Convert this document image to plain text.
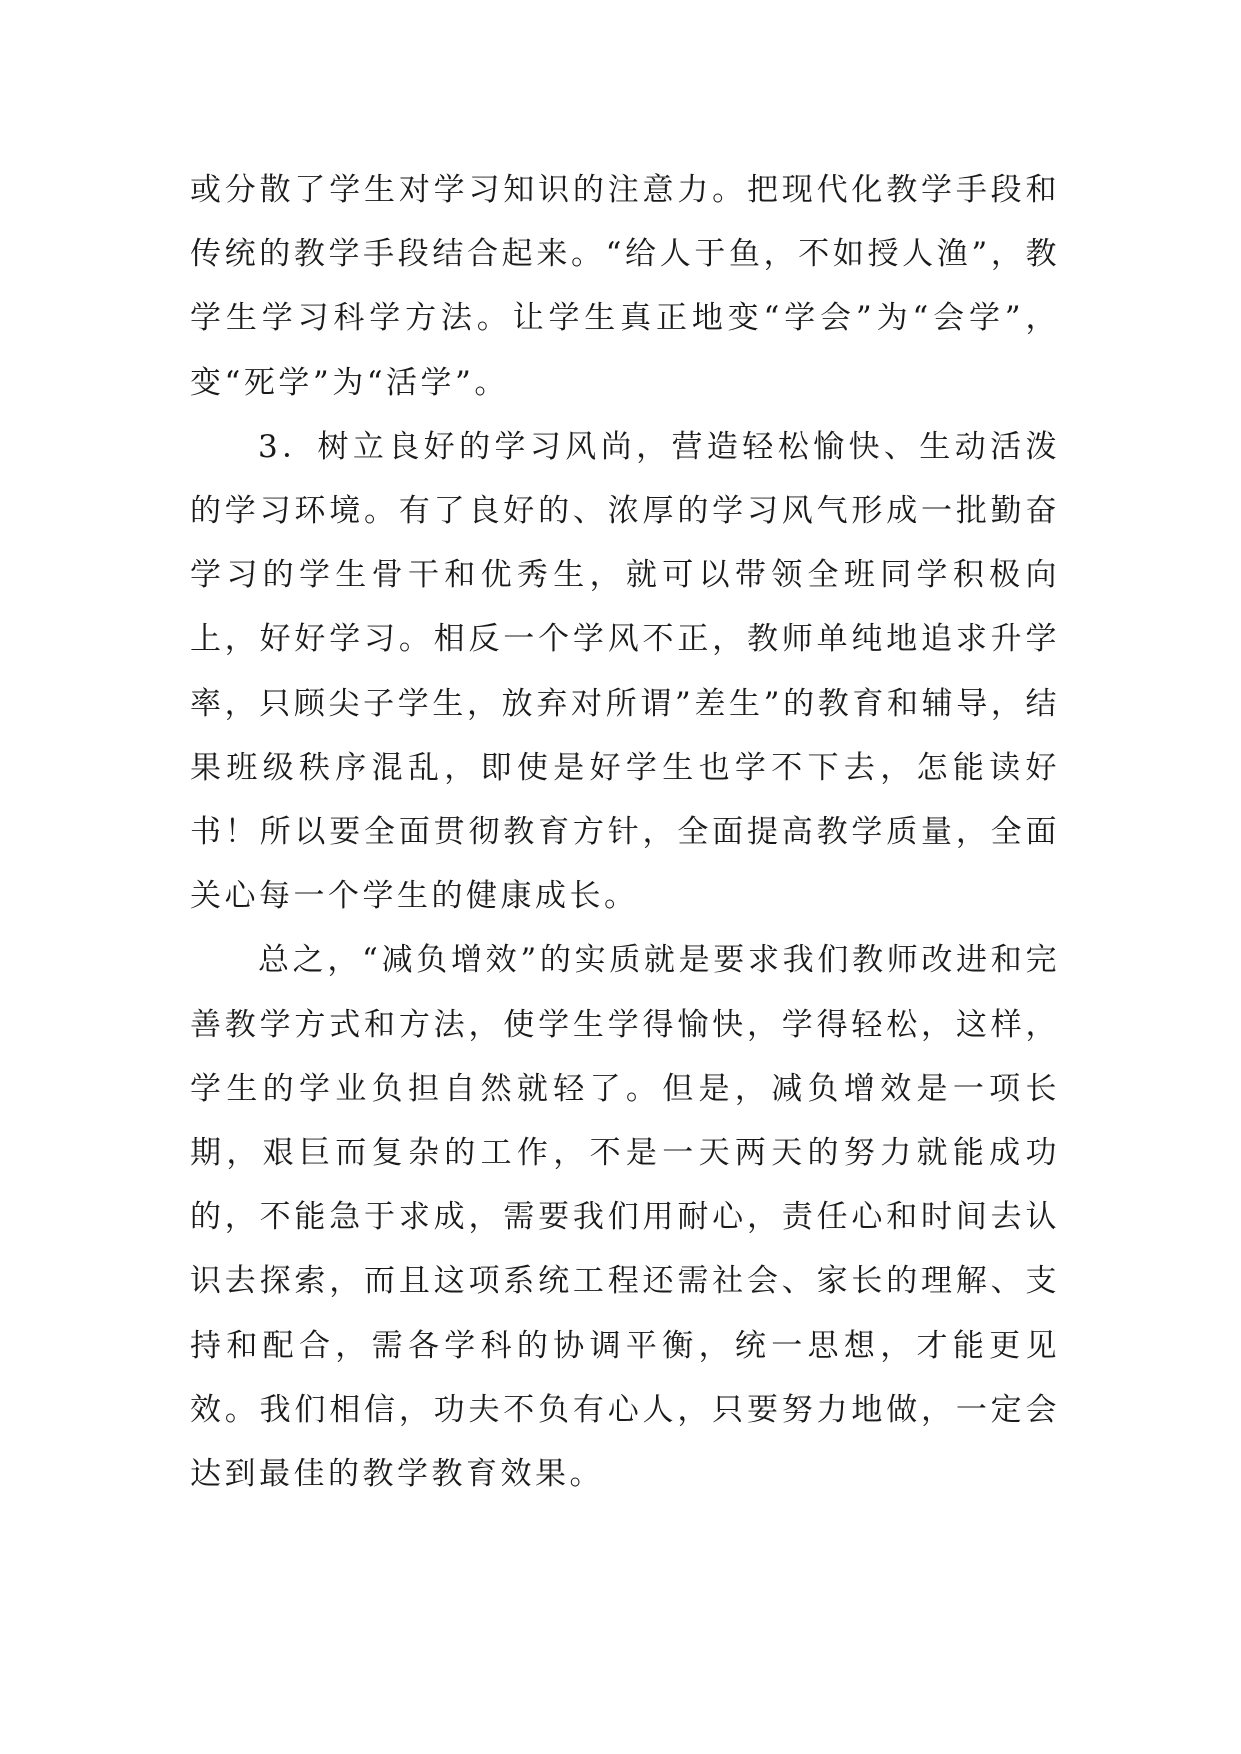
或分散了学生对学习知识的注意力。把现代化教学手段和传统的教学手段结合起来。“给人于鱼，不如授人渔”，教学生学习科学方法。让学生真正地变“学会”为“会学”，变“死学”为“活学”。

3．树立良好的学习风尚，营造轻松愉快、生动活泼的学习环境。有了良好的、浓厚的学习风气形成一批勤奋学习的学生骨干和优秀生，就可以带领全班同学积极向上，好好学习。相反一个学风不正，教师单纯地追求升学率，只顾尖子学生，放弃对所谓”差生”的教育和辅导，结果班级秩序混乱，即使是好学生也学不下去，怎能读好书！所以要全面贯彻教育方针，全面提高教学质量，全面关心每一个学生的健康成长。

总之，“减负增效”的实质就是要求我们教师改进和完善教学方式和方法，使学生学得愉快，学得轻松，这样，学生的学业负担自然就轻了。但是，减负增效是一项长期，艰巨而复杂的工作，不是一天两天的努力就能成功的，不能急于求成，需要我们用耐心，责任心和时间去认识去探索，而且这项系统工程还需社会、家长的理解、支持和配合，需各学科的协调平衡，统一思想，才能更见效。我们相信，功夫不负有心人，只要努力地做，一定会达到最佳的教学教育效果。
